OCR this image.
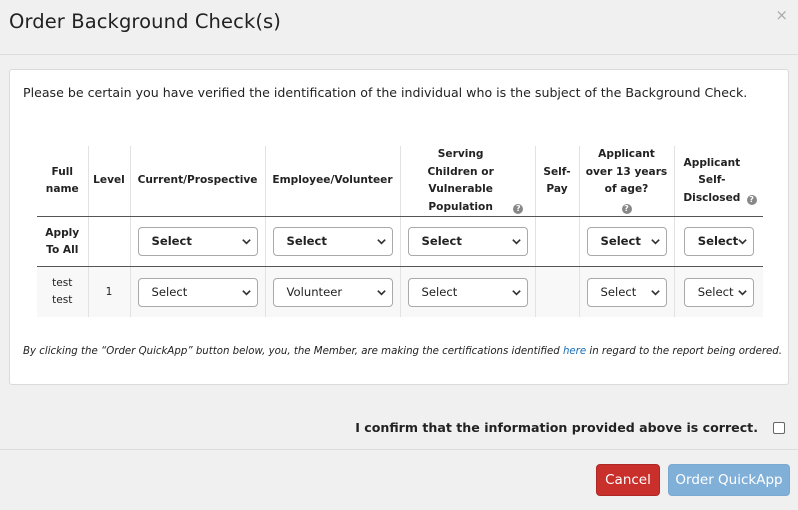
Order Background Check(s)	×
Please be certain you have verified the identification of the individual who is the subject of the Background Check.
Full name	Level	Current/Prospective	Employee/Volunteer	Serving Children or Vulnerable Population ?	Self-Pay	Applicant over 13 years of age? ?	Applicant Self-Disclosed ?
Apply To All		Select	Select	Select		Select	Select

test test	1	Select	Volunteer	Select		Select	Select
By clicking the “Order QuickApp” button below, you, the Member, are making the certifications identified here in regard to the report being ordered.
I confirm that the information provided above is correct.
Cancel	Order QuickApp
